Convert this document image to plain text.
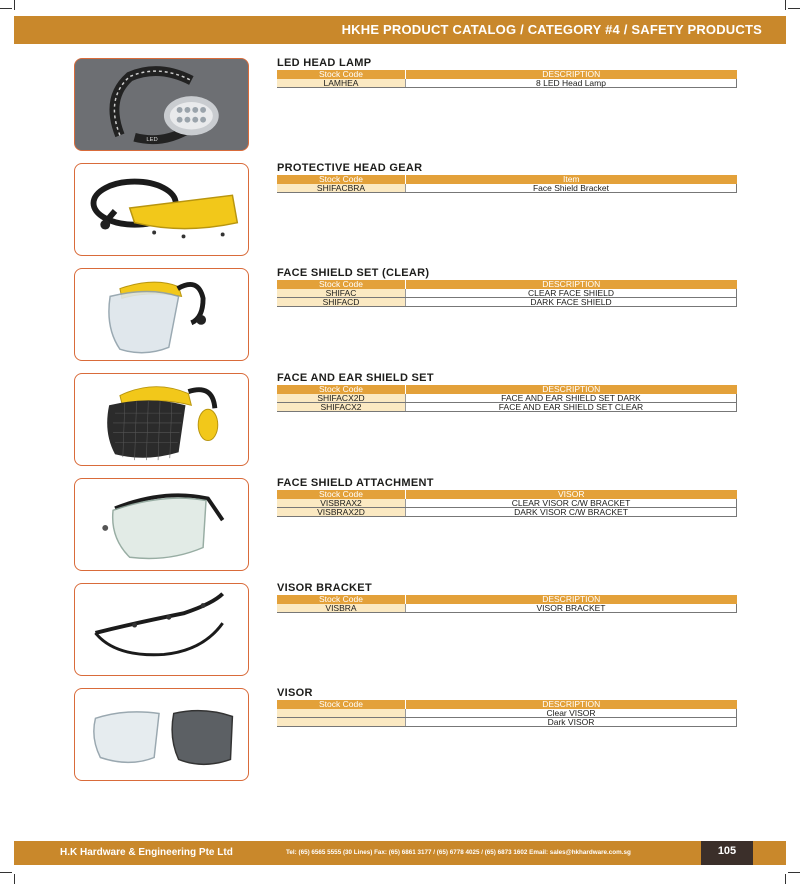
HKHE PRODUCT CATALOG / CATEGORY #4 / SAFETY PRODUCTS
LED
LED HEAD LAMP
Stock Code	DESCRIPTION
LAMHEA	8 LED Head Lamp
PROTECTIVE HEAD GEAR
Stock Code	Item
SHIFACBRA	Face Shield Bracket
FACE SHIELD SET (CLEAR)
Stock Code	DESCRIPTION
SHIFAC	CLEAR FACE SHIELD
SHIFACD	DARK FACE SHIELD
FACE AND EAR SHIELD SET
Stock Code	DESCRIPTION
SHIFACX2D	FACE AND EAR SHIELD SET DARK
SHIFACX2	FACE AND EAR SHIELD SET CLEAR
FACE SHIELD ATTACHMENT
Stock Code	VISOR
VISBRAX2	CLEAR VISOR C/W BRACKET
VISBRAX2D	DARK VISOR C/W BRACKET
VISOR BRACKET
Stock Code	DESCRIPTION
VISBRA	VISOR BRACKET
VISOR
Stock Code	DESCRIPTION
	Clear VISOR
	Dark VISOR
H.K Hardware & Engineering Pte Ltd	Tel: (65) 6565 5555 (30 Lines) Fax: (65) 6861 3177 / (65) 6778 4025 / (65) 6873 1602 Email: sales@hkhardware.com.sg	105
